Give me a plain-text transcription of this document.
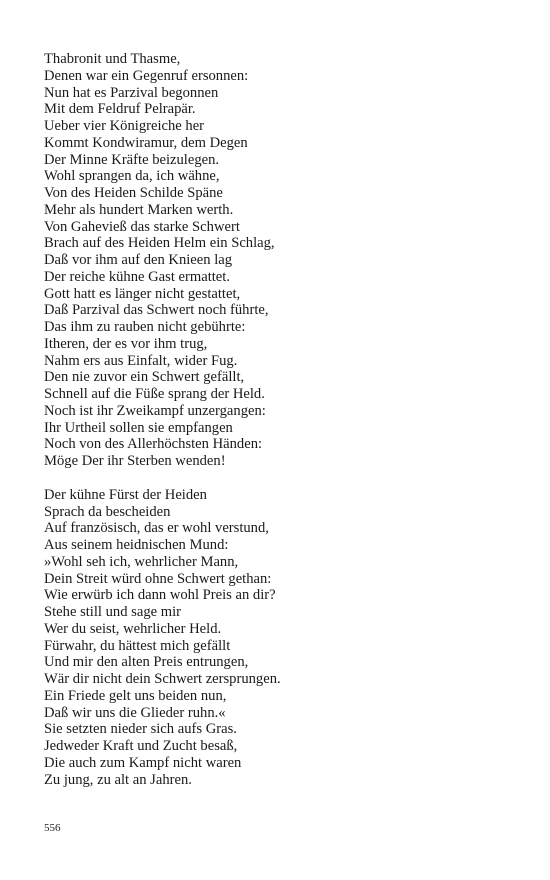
Thabronit und Thasme,
Denen war ein Gegenruf ersonnen:
Nun hat es Parzival begonnen
Mit dem Feldruf Pelrapär.
Ueber vier Königreiche her
Kommt Kondwiramur, dem Degen
Der Minne Kräfte beizulegen.
Wohl sprangen da, ich wähne,
Von des Heiden Schilde Späne
Mehr als hundert Marken werth.
Von Gahevieß das starke Schwert
Brach auf des Heiden Helm ein Schlag,
Daß vor ihm auf den Knieen lag
Der reiche kühne Gast ermattet.
Gott hatt es länger nicht gestattet,
Daß Parzival das Schwert noch führte,
Das ihm zu rauben nicht gebührte:
Itheren, der es vor ihm trug,
Nahm ers aus Einfalt, wider Fug.
Den nie zuvor ein Schwert gefällt,
Schnell auf die Füße sprang der Held.
Noch ist ihr Zweikampf unzergangen:
Ihr Urtheil sollen sie empfangen
Noch von des Allerhöchsten Händen:
Möge Der ihr Sterben wenden!
Der kühne Fürst der Heiden
Sprach da bescheiden
Auf französisch, das er wohl verstund,
Aus seinem heidnischen Mund:
»Wohl seh ich, wehrlicher Mann,
Dein Streit würd ohne Schwert gethan:
Wie erwürb ich dann wohl Preis an dir?
Stehe still und sage mir
Wer du seist, wehrlicher Held.
Fürwahr, du hättest mich gefällt
Und mir den alten Preis entrungen,
Wär dir nicht dein Schwert zersprungen.
Ein Friede gelt uns beiden nun,
Daß wir uns die Glieder ruhn.«
Sie setzten nieder sich aufs Gras.
Jedweder Kraft und Zucht besaß,
Die auch zum Kampf nicht waren
Zu jung, zu alt an Jahren.
556
